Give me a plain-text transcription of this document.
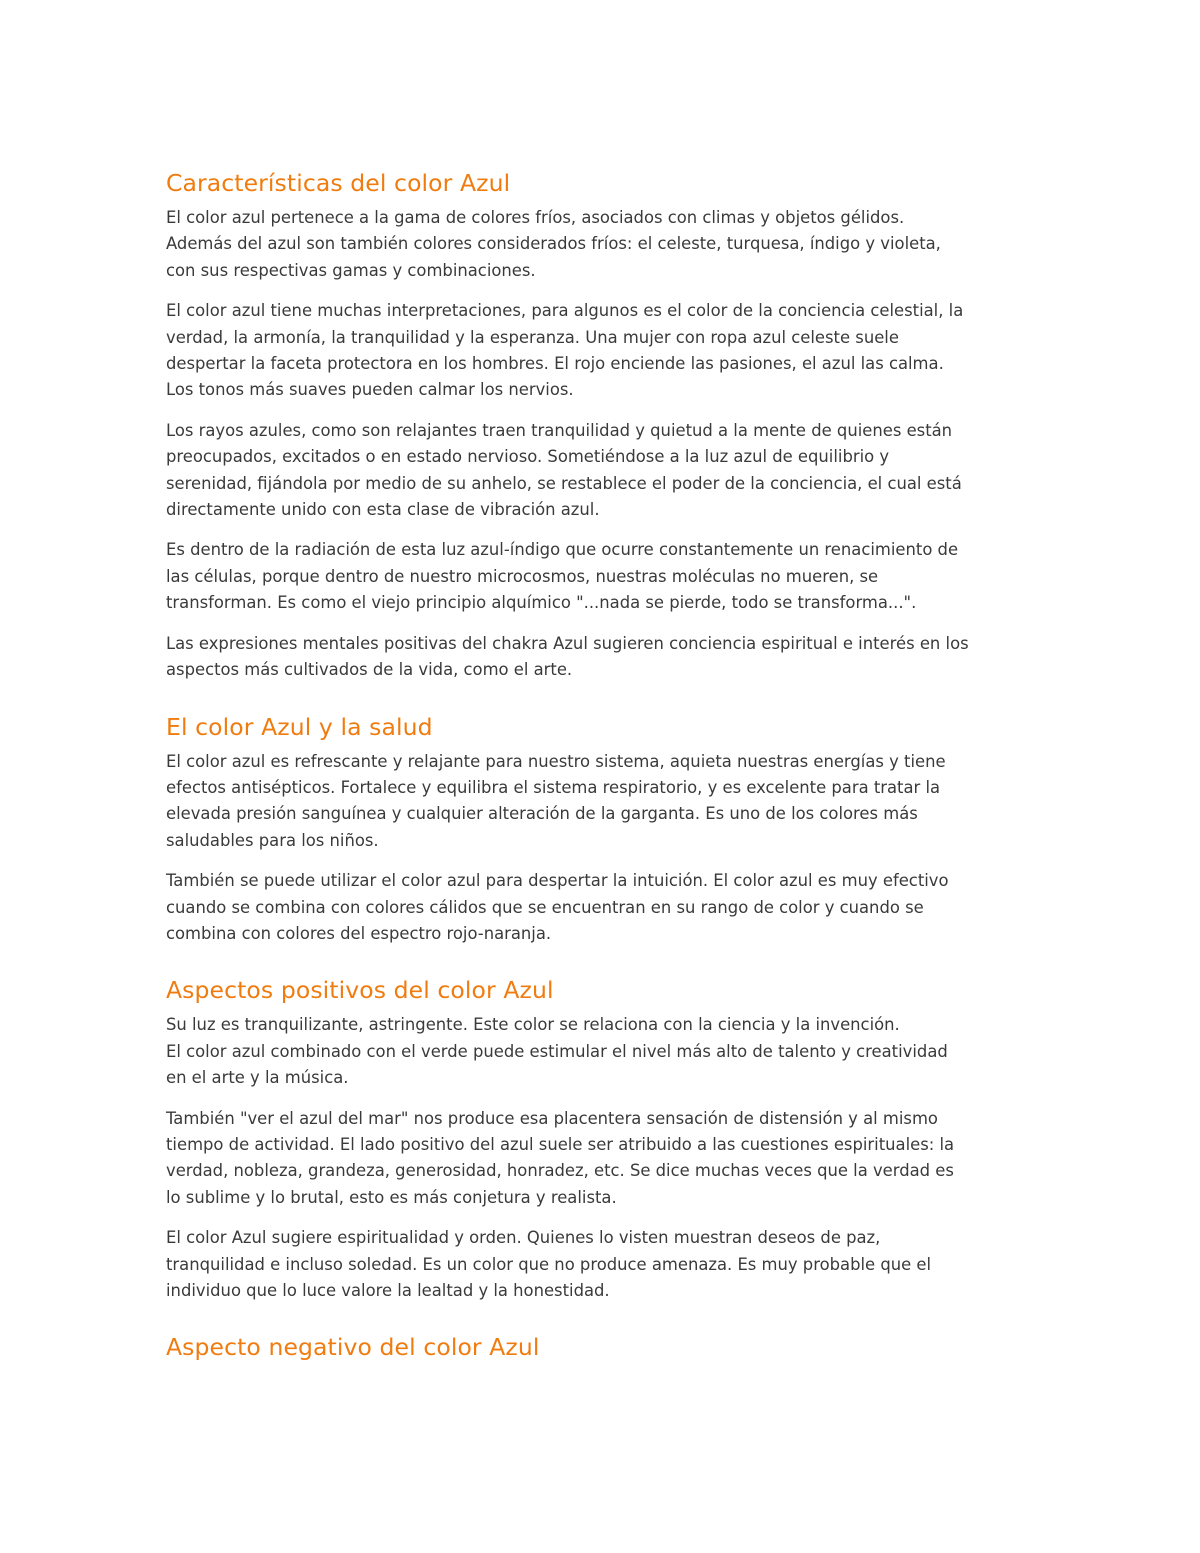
Características del color Azul

El color azul pertenece a la gama de colores fríos, asociados con climas y objetos gélidos.
Además del azul son también colores considerados fríos: el celeste, turquesa, índigo y violeta,
con sus respectivas gamas y combinaciones.

El color azul tiene muchas interpretaciones, para algunos es el color de la conciencia celestial, la
verdad, la armonía, la tranquilidad y la esperanza. Una mujer con ropa azul celeste suele
despertar la faceta protectora en los hombres. El rojo enciende las pasiones, el azul las calma.
Los tonos más suaves pueden calmar los nervios.

Los rayos azules, como son relajantes traen tranquilidad y quietud a la mente de quienes están
preocupados, excitados o en estado nervioso. Sometiéndose a la luz azul de equilibrio y
serenidad, fijándola por medio de su anhelo, se restablece el poder de la conciencia, el cual está
directamente unido con esta clase de vibración azul.

Es dentro de la radiación de esta luz azul-índigo que ocurre constantemente un renacimiento de
las células, porque dentro de nuestro microcosmos, nuestras moléculas no mueren, se
transforman. Es como el viejo principio alquímico "...nada se pierde, todo se transforma...".

Las expresiones mentales positivas del chakra Azul sugieren conciencia espiritual e interés en los
aspectos más cultivados de la vida, como el arte.

El color Azul y la salud

El color azul es refrescante y relajante para nuestro sistema, aquieta nuestras energías y tiene
efectos antisépticos. Fortalece y equilibra el sistema respiratorio, y es excelente para tratar la
elevada presión sanguínea y cualquier alteración de la garganta. Es uno de los colores más
saludables para los niños.

También se puede utilizar el color azul para despertar la intuición. El color azul es muy efectivo
cuando se combina con colores cálidos que se encuentran en su rango de color y cuando se
combina con colores del espectro rojo-naranja.

Aspectos positivos del color Azul

Su luz es tranquilizante, astringente. Este color se relaciona con la ciencia y la invención.
El color azul combinado con el verde puede estimular el nivel más alto de talento y creatividad
en el arte y la música.

También "ver el azul del mar" nos produce esa placentera sensación de distensión y al mismo
tiempo de actividad. El lado positivo del azul suele ser atribuido a las cuestiones espirituales: la
verdad, nobleza, grandeza, generosidad, honradez, etc. Se dice muchas veces que la verdad es
lo sublime y lo brutal, esto es más conjetura y realista.

El color Azul sugiere espiritualidad y orden. Quienes lo visten muestran deseos de paz,
tranquilidad e incluso soledad. Es un color que no produce amenaza. Es muy probable que el
individuo que lo luce valore la lealtad y la honestidad.

Aspecto negativo del color Azul
